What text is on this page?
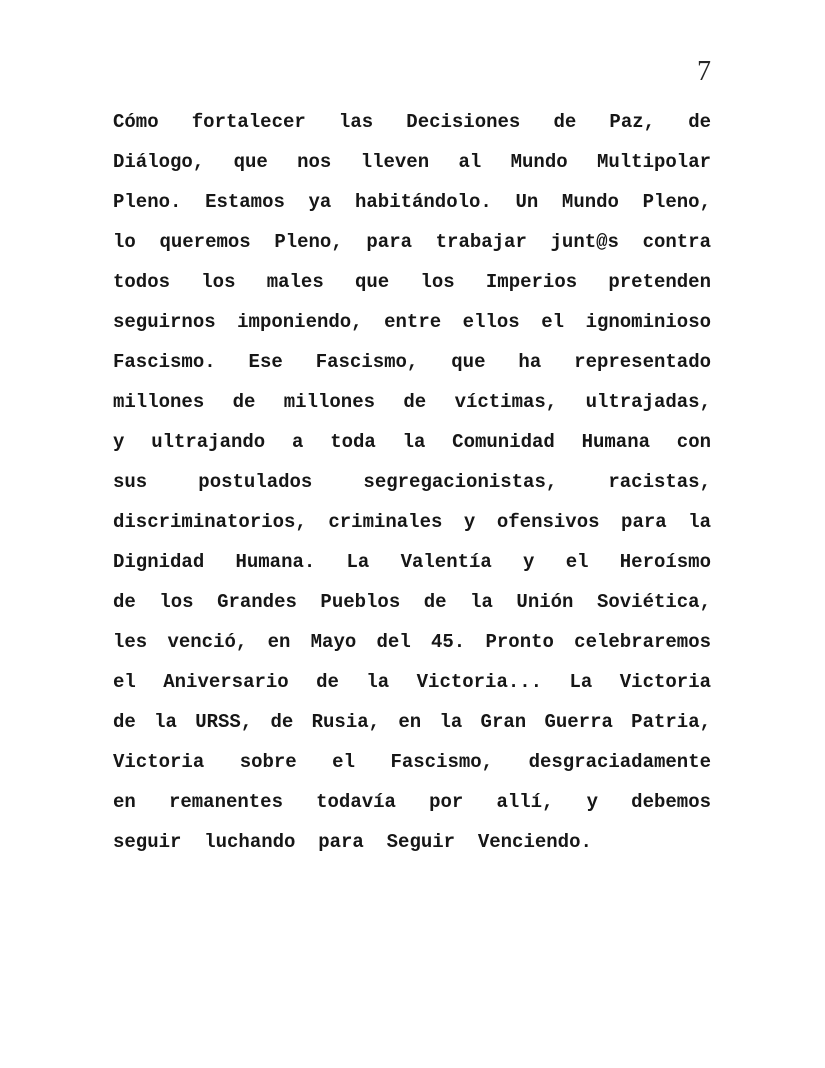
7
Cómo fortalecer las Decisiones de Paz, de
Diálogo, que nos lleven al Mundo Multipolar
Pleno. Estamos ya habitándolo. Un Mundo Pleno,
lo queremos Pleno, para trabajar junt@s contra
todos los males que los Imperios pretenden
seguirnos imponiendo, entre ellos el ignominioso
Fascismo. Ese Fascismo, que ha representado
millones de millones de víctimas, ultrajadas,
y ultrajando a toda la Comunidad Humana con
sus postulados segregacionistas, racistas,
discriminatorios, criminales y ofensivos para la
Dignidad Humana. La Valentía y el Heroísmo
de los Grandes Pueblos de la Unión Soviética,
les venció, en Mayo del 45. Pronto celebraremos
el Aniversario de la Victoria... La Victoria
de la URSS, de Rusia, en la Gran Guerra Patria,
Victoria sobre el Fascismo, desgraciadamente
en remanentes todavía por allí, y debemos
seguir luchando para Seguir Venciendo.
